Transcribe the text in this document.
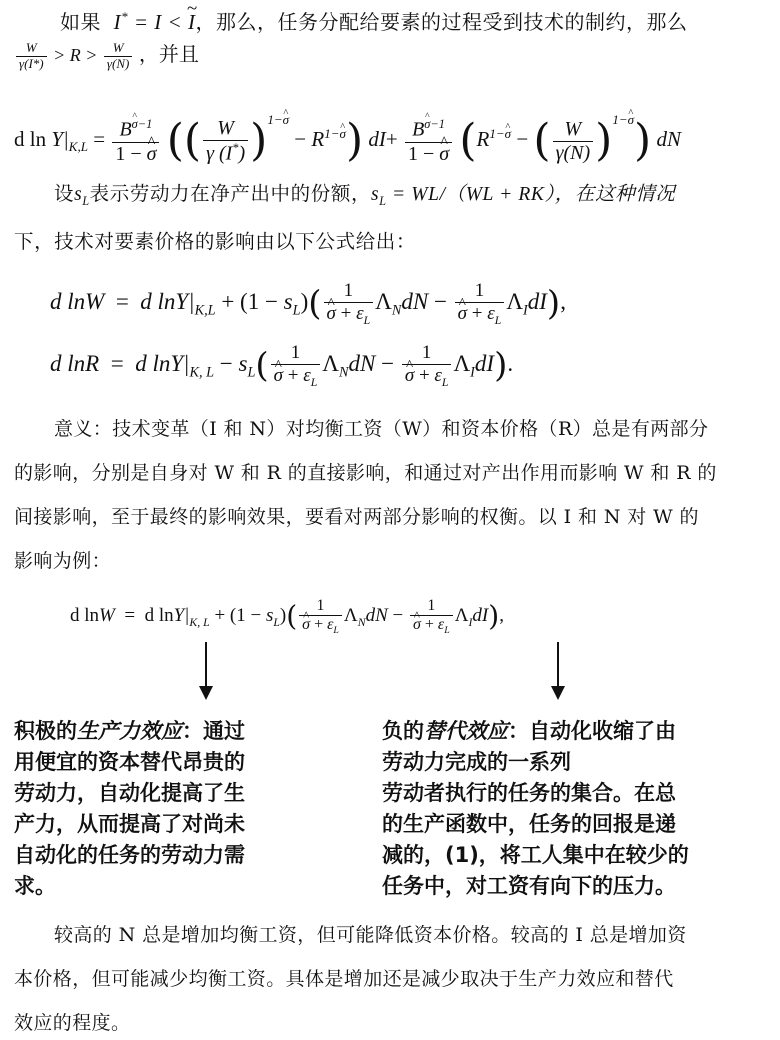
如果  I* = I < ~ I，那么，任务分配给要素的过程受到技术的制约，那么
$\frac{W}{\gamma(I*)} > R > \frac{W}{\gamma(N)}$ ，并且
d $\ln Y|_{K,L} = \frac{B\^{} ^{\sigma-1}}{1 - \^{} \sigma}$ (( $\frac{W}{\gamma (I^*)} )^{1-\^{} \sigma} - R^{1-\^{} \sigma}$) $dI+ \frac{B\^{} ^{\sigma-1}}{1 - \^{} \sigma} (R^{1-\^{} \sigma}$ − ( $\frac{W}{\gamma(N)} )^{1-\^{} \sigma}$) dN
设$s_L$表示劳动力在净产出中的份额，$s_L = WL/(WL + RK)$，在这种情况
下，技术对要素价格的影响由以下公式给出：
d lnW  =  d $\ln Y|_{K,L} + (1 - s_L)$( 1
^ $\sigma + \varepsilon_L$ $\Lambda_NdN - 1$
^ $\sigma + \varepsilon_L$ $\Lambda_IdI$),
d lnR  =  d $\ln Y|_{K, L} - s_L$( 1
^ $\sigma + \varepsilon_L$ $\Lambda_NdN - 1$
^ $\sigma + \varepsilon_L$ $\Lambda_IdI$).
意义：技术变革（I 和 N）对均衡工资（W）和资本价格（R）总是有两部分
的影响，分别是自身对 W 和 R 的直接影响，和通过对产出作用而影响 W 和 R 的
间接影响，至于最终的影响效果，要看对两部分影响的权衡。以 I 和 N 对 W 的
影响为例：
d lnW  =  d $\ln Y|_{K, L} + (1 - s_L)$( 1
^ $\sigma + \varepsilon_L$ $\Lambda_NdN - 1$
^ $\sigma + \varepsilon_L$ $\Lambda_IdI$),
积极的生产力效应：通过
用便宜的资本替代昂贵的
劳动力，自动化提高了生
产力，从而提高了对尚未
自动化的任务的劳动力需
求。
负的替代效应：自动化收缩了由
劳动力完成的一系列
劳动者执行的任务的集合。在总
的生产函数中，任务的回报是递
减的，(1)，将工人集中在较少的
任务中，对工资有向下的压力。
较高的 N 总是增加均衡工资，但可能降低资本价格。较高的 I 总是增加资
本价格，但可能减少均衡工资。具体是增加还是减少取决于生产力效应和替代
效应的程度。
